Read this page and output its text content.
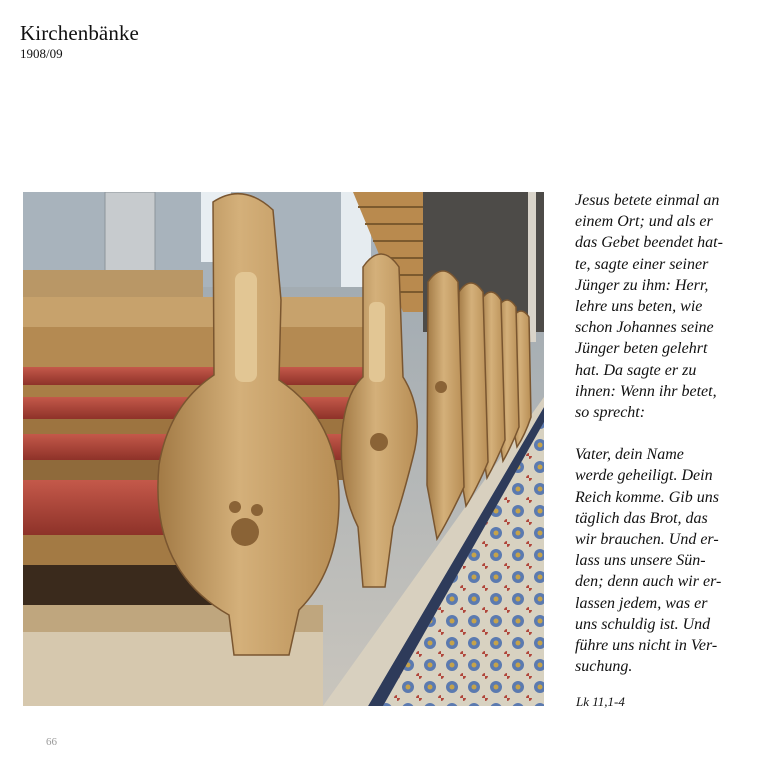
Kirchenbänke
1908/09

Jesus betete einmal an
einem Ort; und als er
das Gebet beendet hat-
te, sagte einer seiner
Jünger zu ihm: Herr,
lehre uns beten, wie
schon Johannes seine
Jünger beten gelehrt
hat. Da sagte er zu
ihnen: Wenn ihr betet,
so sprecht:

Vater, dein Name
werde geheiligt. Dein
Reich komme. Gib uns
täglich das Brot, das
wir brauchen. Und er-
lass uns unsere Sün-
den; denn auch wir er-
lassen jedem, was er
uns schuldig ist. Und
führe uns nicht in Ver-
suchung.

Lk 11,1-4
66
